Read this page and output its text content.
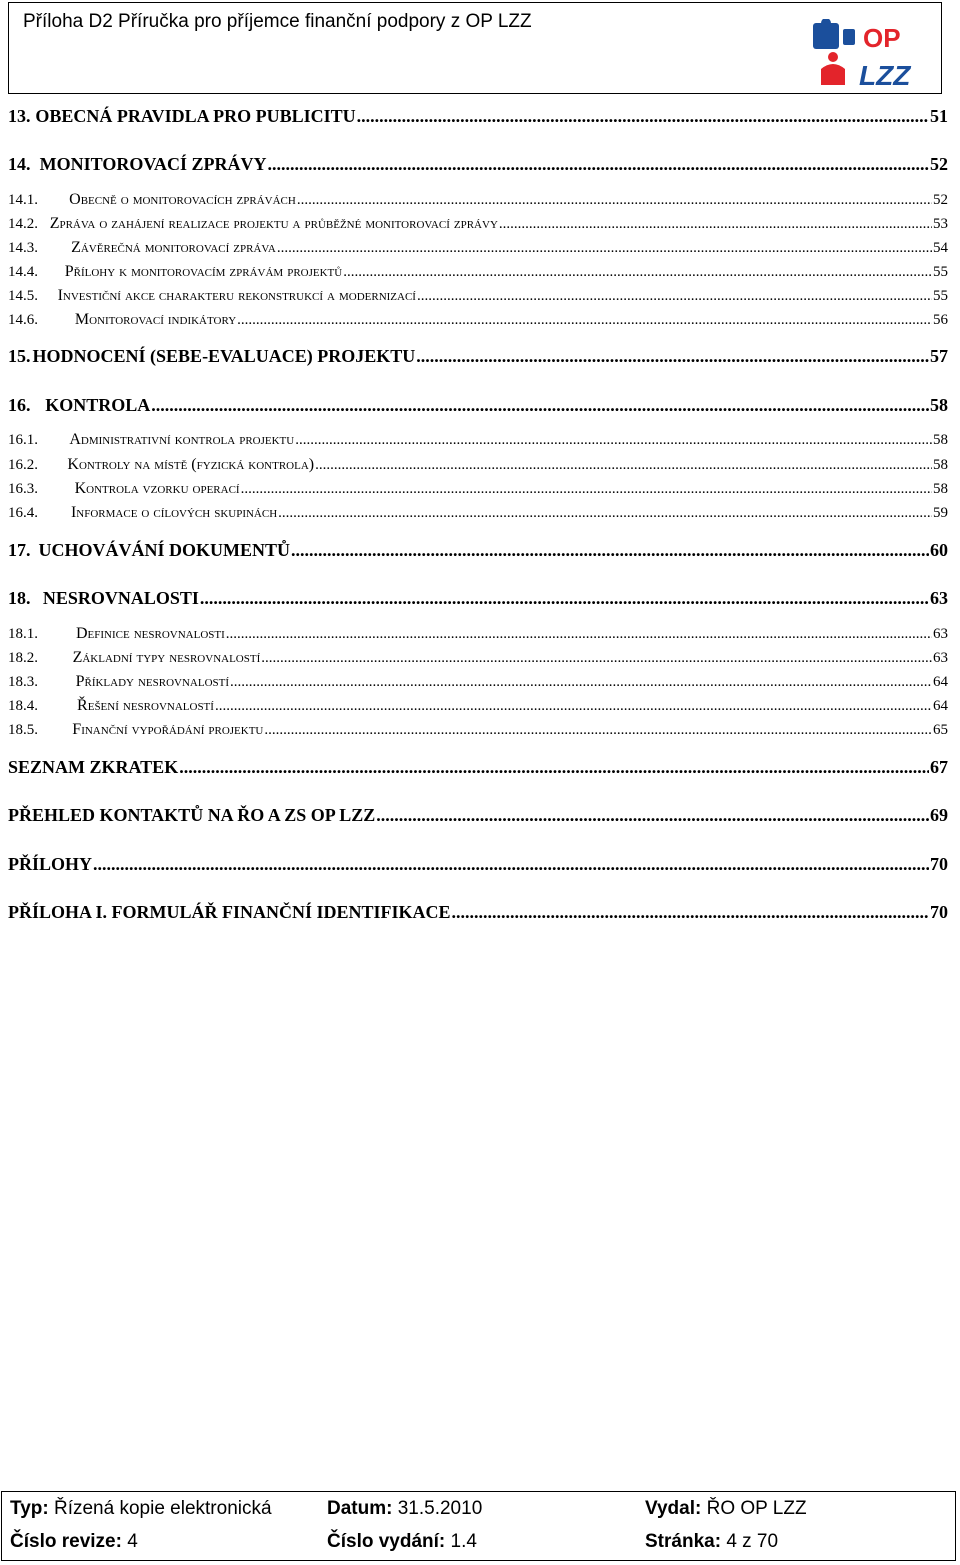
Příloha D2 Příručka pro příjemce finanční podpory z OP LZZ
OP
LZZ
13. OBECNÁ PRAVIDLA PRO PUBLICITU .....	51
14. MONITOROVACÍ ZPRÁVY .....	52
14.1.	Obecně o monitorovacích zprávách .....	52
14.2. Zpráva o zahájení realizace projektu a průběžné monitorovací zprávy .....	53
14.3.	Závěrečná monitorovací zpráva .....	54
14.4.	Přílohy k monitorovacím zprávám projektů .....	55
14.5.	Investiční akce charakteru rekonstrukcí a modernizací .....	55
14.6.	Monitorovací indikátory .....	56
15. HODNOCENÍ (SEBE-EVALUACE) PROJEKTU .....	57
16. KONTROLA .....	58
16.1.	Administrativní kontrola projektu .....	58
16.2.	Kontroly na místě (fyzická kontrola) .....	58
16.3.	Kontrola vzorku operací .....	58
16.4.	Informace o cílových skupinách .....	59
17. UCHOVÁVÁNÍ DOKUMENTŮ .....	60
18. NESROVNALOSTI .....	63
18.1.	Definice nesrovnalosti .....	63
18.2.	Základní typy nesrovnalostí .....	63
18.3.	Příklady nesrovnalostí .....	64
18.4.	Řešení nesrovnalostí .....	64
18.5.	Finanční vypořádání projektu .....	65
SEZNAM ZKRATEK .....	67
PŘEHLED KONTAKTŮ NA ŘO A ZS OP LZZ .....	69
PŘÍLOHY .....	70
PŘÍLOHA I. FORMULÁŘ FINANČNÍ IDENTIFIKACE .....	70
Typ: Řízená kopie elektronická	Datum: 31.5.2010	Vydal: ŘO OP LZZ
Číslo revize: 4	Číslo vydání: 1.4	Stránka: 4 z 70
